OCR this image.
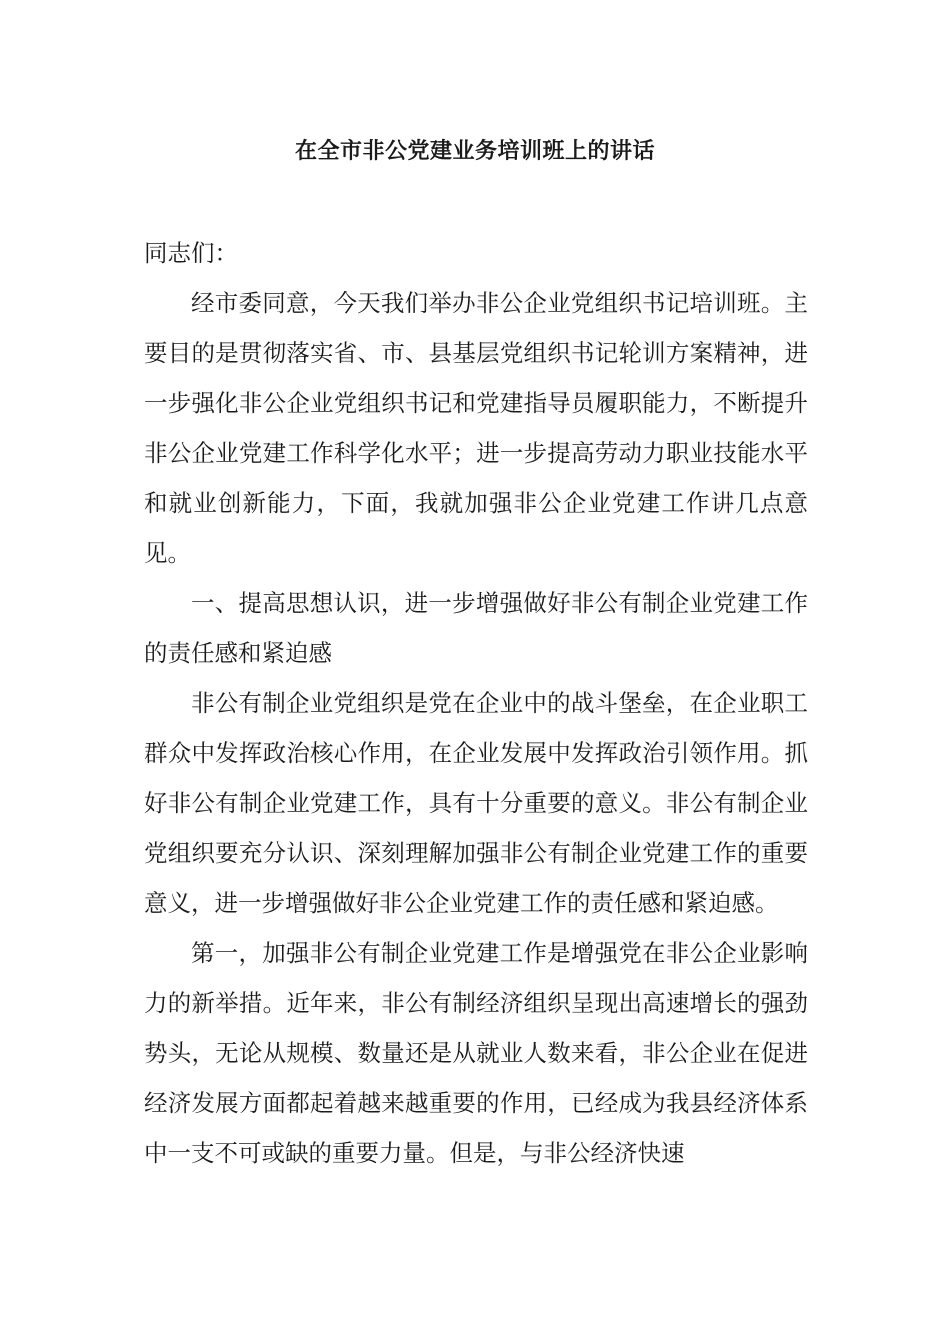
在全市非公党建业务培训班上的讲话

同志们：

经市委同意，今天我们举办非公企业党组织书记培训班。主要目的是贯彻落实省、市、县基层党组织书记轮训方案精神，进一步强化非公企业党组织书记和党建指导员履职能力，不断提升非公企业党建工作科学化水平；进一步提高劳动力职业技能水平和就业创新能力，下面，我就加强非公企业党建工作讲几点意见。

一、提高思想认识，进一步增强做好非公有制企业党建工作的责任感和紧迫感

非公有制企业党组织是党在企业中的战斗堡垒，在企业职工群众中发挥政治核心作用，在企业发展中发挥政治引领作用。抓好非公有制企业党建工作，具有十分重要的意义。非公有制企业党组织要充分认识、深刻理解加强非公有制企业党建工作的重要意义，进一步增强做好非公企业党建工作的责任感和紧迫感。

第一，加强非公有制企业党建工作是增强党在非公企业影响力的新举措。近年来，非公有制经济组织呈现出高速增长的强劲势头，无论从规模、数量还是从就业人数来看，非公企业在促进经济发展方面都起着越来越重要的作用，已经成为我县经济体系中一支不可或缺的重要力量。但是，与非公经济快速
